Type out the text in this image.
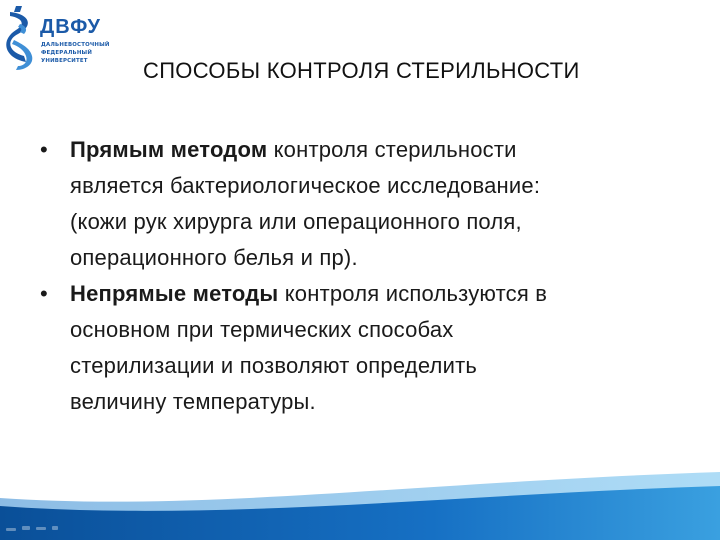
ДВФУ
ДАЛЬНЕВОСТОЧНЫЙ
ФЕДЕРАЛЬНЫЙ
УНИВЕРСИТЕТ	СПОСОБЫ КОНТРОЛЯ СТЕРИЛЬНОСТИ
• Прямым методом контроля стерильности
является бактериологическое исследование:
(кожи рук хирурга или операционного поля,
операционного белья и пр).
• Непрямые методы контроля используются в
основном при термических способах
стерилизации и позволяют определить
величину температуры.
